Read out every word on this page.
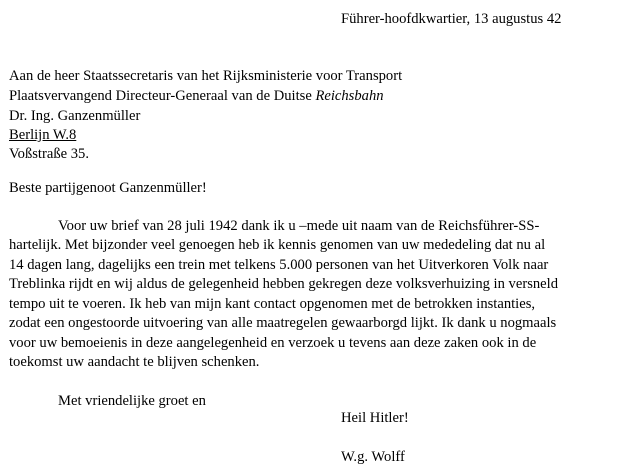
Führer-hoofdkwartier, 13 augustus 42
Aan de heer Staatssecretaris van het Rijksministerie voor Transport
Plaatsvervangend Directeur-Generaal van de Duitse Reichsbahn
Dr. Ing. Ganzenmüller
Berlijn W.8
Voßstraße 35.
Beste partijgenoot Ganzenmüller!
Voor uw brief van 28 juli 1942 dank ik u –mede uit naam van de Reichsführer-SS-
hartelijk. Met bijzonder veel genoegen heb ik kennis genomen van uw mededeling dat nu al
14 dagen lang, dagelijks een trein met telkens 5.000 personen van het Uitverkoren Volk naar
Treblinka rijdt en wij aldus de gelegenheid hebben gekregen deze volksverhuizing in versneld
tempo uit te voeren. Ik heb van mijn kant contact opgenomen met de betrokken instanties,
zodat een ongestoorde uitvoering van alle maatregelen gewaarborgd lijkt. Ik dank u nogmaals
voor uw bemoeienis in deze aangelegenheid en verzoek u tevens aan deze zaken ook in de
toekomst uw aandacht te blijven schenken.
Met vriendelijke groet en
Heil Hitler!
W.g. Wolff
